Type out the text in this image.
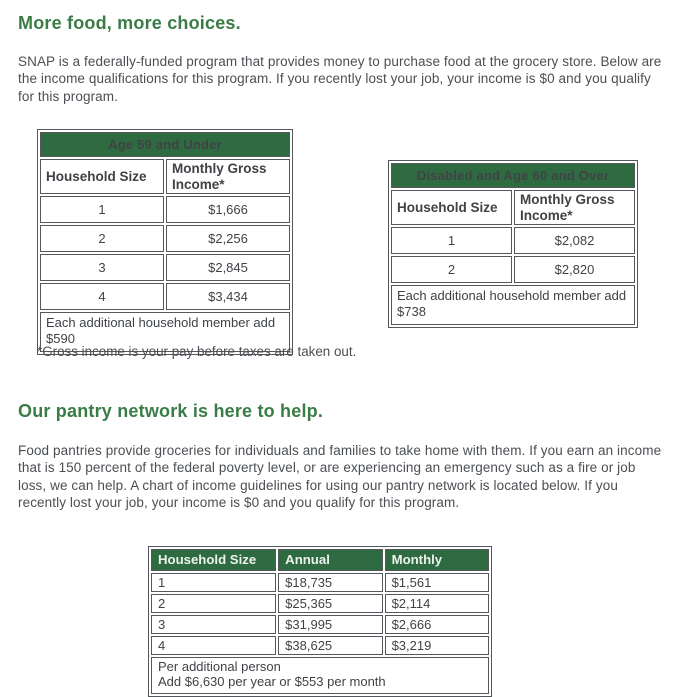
More food, more choices.

SNAP is a federally-funded program that provides money to purchase food at the grocery store. Below are the income qualifications for this program. If you recently lost your job, your income is $0 and you qualify for this program.

Age 59 and Under	
Household Size	Monthly Gross Income*
1	$1,666
2	$2,256
3	$2,845
4	$3,434
Each additional household member add $590	
Disabled and Age 60 and Over	
Household Size	Monthly Gross Income*
1	$2,082
2	$2,820
Each additional household member add $738	

*Gross income is your pay before taxes are taken out.

Our pantry network is here to help.

Food pantries provide groceries for individuals and families to take home with them. If you earn an income that is 150 percent of the federal poverty level, or are experiencing an emergency such as a fire or job loss, we can help. A chart of income guidelines for using our pantry network is located below. If you recently lost your job, your income is $0 and you qualify for this program.

Household Size	Annual	Monthly
1	$18,735	$1,561
2	$25,365	$2,114
3	$31,995	$2,666
4	$38,625	$3,219

Per additional person
Add $6,630 per year or $553 per month		
